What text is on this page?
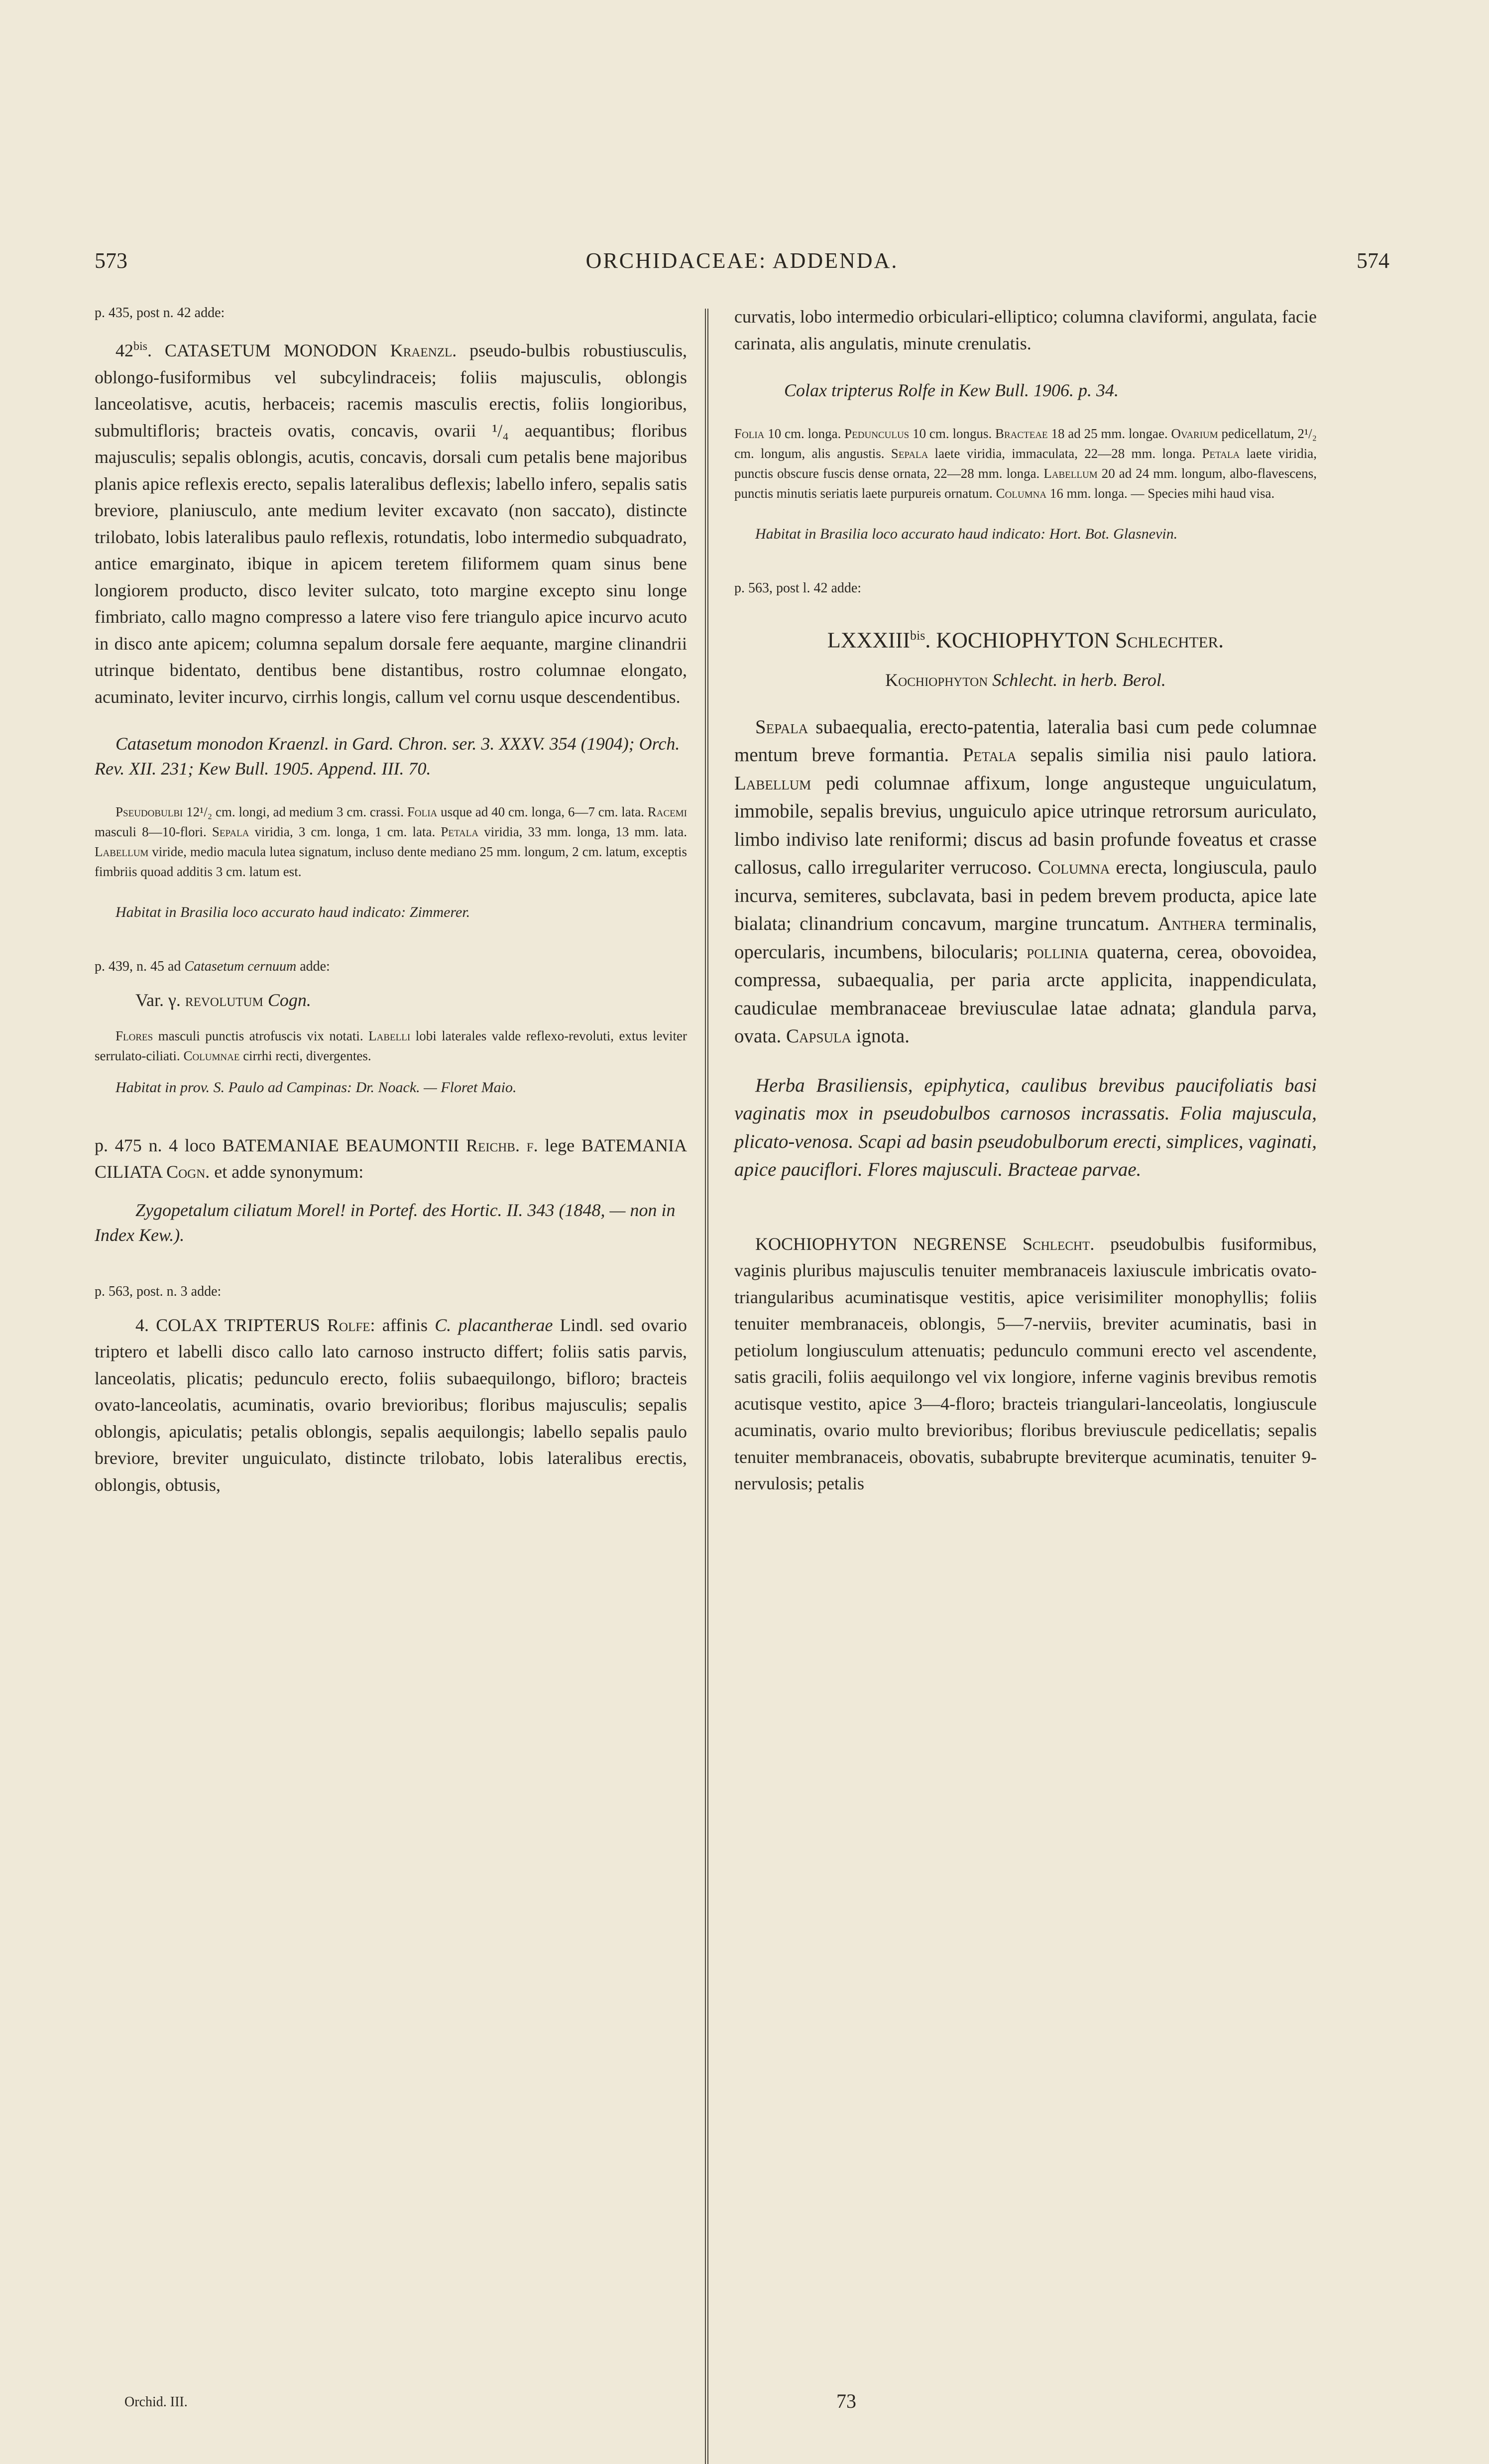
573	ORCHIDACEAE: ADDENDA.	574

p. 435, post n. 42 adde:

$42^{bis}$. CATASETUM MONODON Kraenzl. pseudo-bulbis robustiusculis, oblongo-fusiformibus vel subcylindraceis; foliis majusculis, oblongis lanceolatisve, acutis, herbaceis; racemis masculis erectis, foliis longioribus, submultifloris; bracteis ovatis, concavis, ovarii ¹/₄ aequantibus; floribus majusculis; sepalis oblongis, acutis, concavis, dorsali cum petalis bene majoribus planis apice reflexis erecto, sepalis lateralibus deflexis; labello infero, sepalis satis breviore, planiusculo, ante medium leviter excavato (non saccato), distincte trilobato, lobis lateralibus paulo reflexis, rotundatis, lobo intermedio subquadrato, antice emarginato, ibique in apicem teretem filiformem quam sinus bene longiorem producto, disco leviter sulcato, toto margine excepto sinu longe fimbriato, callo magno compresso a latere viso fere triangulo apice incurvo acuto in disco ante apicem; columna sepalum dorsale fere aequante, margine clinandrii utrinque bidentato, dentibus bene distantibus, rostro columnae elongato, acuminato, leviter incurvo, cirrhis longis, callum vel cornu usque descendentibus.

Catasetum monodon Kraenzl. in Gard. Chron. ser. 3. XXXV. 354 (1904); Orch. Rev. XII. 231; Kew Bull. 1905. Append. III. 70.

Pseudobulbi 12¹/₂ cm. longi, ad medium 3 cm. crassi. Folia usque ad 40 cm. longa, 6—7 cm. lata. Racemi masculi 8—10-flori. Sepala viridia, 3 cm. longa, 1 cm. lata. Petala viridia, 33 mm. longa, 13 mm. lata. Labellum viride, medio macula lutea signatum, incluso dente mediano 25 mm. longum, 2 cm. latum, exceptis fimbriis quoad additis 3 cm. latum est.

Habitat in Brasilia loco accurato haud indicato: Zimmerer.

p. 439, n. 45 ad Catasetum cernuum adde:

Var. γ. revolutum Cogn.

Flores masculi punctis atrofuscis vix notati. Labelli lobi laterales valde reflexo-revoluti, extus leviter serrulato-ciliati. Columnae cirrhi recti, divergentes.

Habitat in prov. S. Paulo ad Campinas: Dr. Noack. — Floret Maio.

p. 475 n. 4 loco BATEMANIAE BEAUMONTII Reichb. f. lege BATEMANIA CILIATA Cogn. et adde synonymum:

Zygopetalum ciliatum Morel! in Portef. des Hortic. II. 343 (1848, — non in Index Kew.).

p. 563, post. n. 3 adde:

4. COLAX TRIPTERUS Rolfe: affinis C. placantherae Lindl. sed ovario triptero et labelli disco callo lato carnoso instructo differt; foliis satis parvis, lanceolatis, plicatis; pedunculo erecto, foliis subaequilongo, bifloro; bracteis ovato-lanceolatis, acuminatis, ovario brevioribus; floribus majusculis; sepalis oblongis, apiculatis; petalis oblongis, sepalis aequilongis; labello sepalis paulo breviore, breviter unguiculato, distincte trilobato, lobis lateralibus erectis, oblongis, obtusis,

curvatis, lobo intermedio orbiculari-elliptico; columna claviformi, angulata, facie carinata, alis angulatis, minute crenulatis.

Colax tripterus Rolfe in Kew Bull. 1906. p. 34.

Folia 10 cm. longa. Pedunculus 10 cm. longus. Bracteae 18 ad 25 mm. longae. Ovarium pedicellatum, 2¹/₂ cm. longum, alis angustis. Sepala laete viridia, immaculata, 22—28 mm. longa. Petala laete viridia, punctis obscure fuscis dense ornata, 22—28 mm. longa. Labellum 20 ad 24 mm. longum, albo-flavescens, punctis minutis seriatis laete purpureis ornatum. Columna 16 mm. longa. — Species mihi haud visa.

Habitat in Brasilia loco accurato haud indicato: Hort. Bot. Glasnevin.

p. 563, post l. 42 adde:

$LXXXIII^{bis}$. KOCHIOPHYTON Schlechter.

Kochiophyton Schlecht. in herb. Berol.

Sepala subaequalia, erecto-patentia, lateralia basi cum pede columnae mentum breve formantia. Petala sepalis similia nisi paulo latiora. Labellum pedi columnae affixum, longe angusteque unguiculatum, immobile, sepalis brevius, unguiculo apice utrinque retrorsum auriculato, limbo indiviso late reniformi; discus ad basin profunde foveatus et crasse callosus, callo irregulariter verrucoso. Columna erecta, longiuscula, paulo incurva, semiteres, subclavata, basi in pedem brevem producta, apice late bialata; clinandrium concavum, margine truncatum. Anthera terminalis, opercularis, incumbens, bilocularis; pollinia quaterna, cerea, obovoidea, compressa, subaequalia, per paria arcte applicita, inappendiculata, caudiculae membranaceae breviusculae latae adnata; glandula parva, ovata. Capsula ignota.

Herba Brasiliensis, epiphytica, caulibus brevibus paucifoliatis basi vaginatis mox in pseudobulbos carnosos incrassatis. Folia majuscula, plicato-venosa. Scapi ad basin pseudobulborum erecti, simplices, vaginati, apice pauciflori. Flores majusculi. Bracteae parvae.

KOCHIOPHYTON NEGRENSE Schlecht. pseudobulbis fusiformibus, vaginis pluribus majusculis tenuiter membranaceis laxiuscule imbricatis ovato-triangularibus acuminatisque vestitis, apice verisimiliter monophyllis; foliis tenuiter membranaceis, oblongis, 5—7-nerviis, breviter acuminatis, basi in petiolum longiusculum attenuatis; pedunculo communi erecto vel ascendente, satis gracili, foliis aequilongo vel vix longiore, inferne vaginis brevibus remotis acutisque vestito, apice 3—4-floro; bracteis triangulari-lanceolatis, longiuscule acuminatis, ovario multo brevioribus; floribus breviuscule pedicellatis; sepalis tenuiter membranaceis, obovatis, subabrupte breviterque acuminatis, tenuiter 9-nervulosis; petalis

Orchid. III.	73
